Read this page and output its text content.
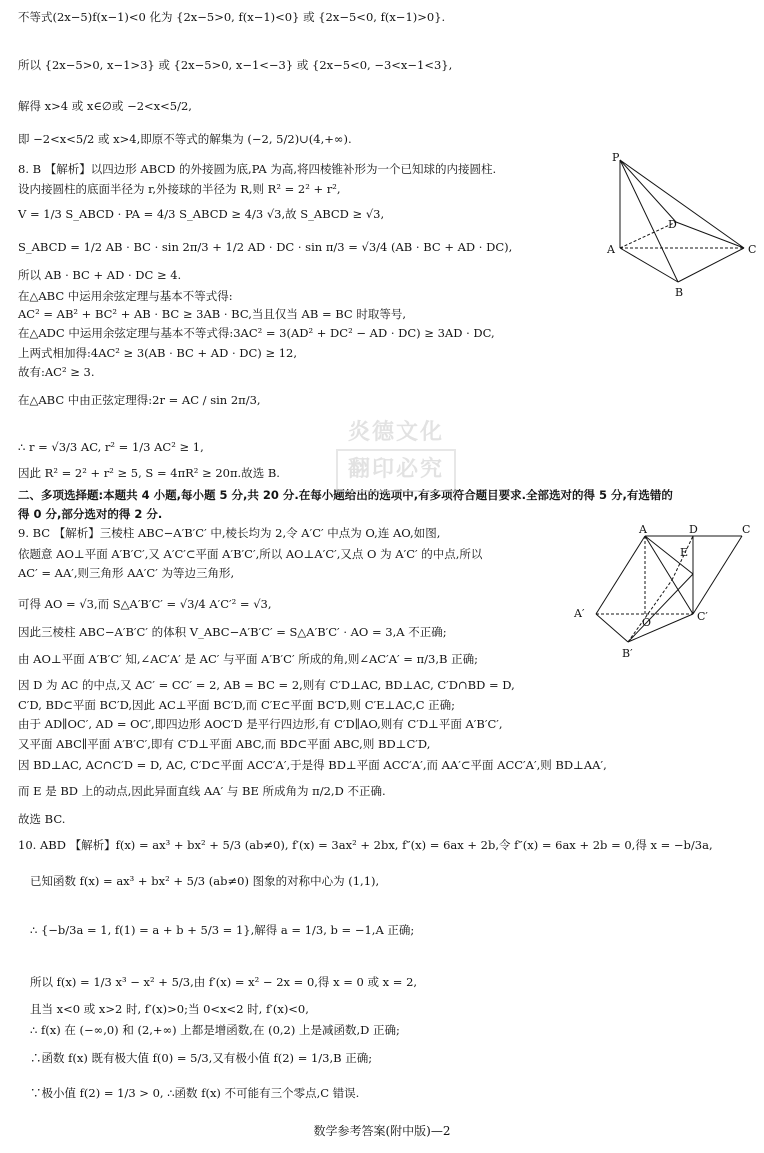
不等式(2x−5)f(x−1)<0 化为 {2x−5>0, f(x−1)<0} 或 {2x−5<0, f(x−1)>0}.
所以 {2x−5>0, x−1>3} 或 {2x−5>0, x−1<−3} 或 {2x−5<0, −3<x−1<3},
解得 x>4 或 x∈∅或 −2<x<5/2,
即 −2<x<5/2 或 x>4,即原不等式的解集为 (−2, 5/2)∪(4,+∞).
8. B 【解析】以四边形 ABCD 的外接圆为底,PA 为高,将四棱锥补形为一个已知球的内接圆柱.
设内接圆柱的底面半径为 r,外接球的半径为 R,则 R² = 2² + r²,
V = 1/3 S_ABCD · PA = 4/3 S_ABCD ≥ 4/3 √3,故 S_ABCD ≥ √3,
S_ABCD = 1/2 AB · BC · sin 2π/3 + 1/2 AD · DC · sin π/3 = √3/4 (AB · BC + AD · DC),
所以 AB · BC + AD · DC ≥ 4.
在△ABC 中运用余弦定理与基本不等式得:
AC² = AB² + BC² + AB · BC ≥ 3AB · BC,当且仅当 AB = BC 时取等号,
在△ADC 中运用余弦定理与基本不等式得:3AC² = 3(AD² + DC² − AD · DC) ≥ 3AD · DC,
上两式相加得:4AC² ≥ 3(AB · BC + AD · DC) ≥ 12,
故有:AC² ≥ 3.
在△ABC 中由正弦定理得:2r = AC / sin 2π/3,
∴ r = √3/3 AC, r² = 1/3 AC² ≥ 1,
因此 R² = 2² + r² ≥ 5, S = 4πR² ≥ 20π.故选 B.
二、多项选择题:本题共 4 小题,每小题 5 分,共 20 分.在每小题给出的选项中,有多项符合题目要求.全部选对的得 5 分,有选错的
得 0 分,部分选对的得 2 分.
9. BC 【解析】三棱柱 ABC−A′B′C′ 中,棱长均为 2,令 A′C′ 中点为 O,连 AO,如图,
依题意 AO⊥平面 A′B′C′,又 A′C′⊂平面 A′B′C′,所以 AO⊥A′C′,又点 O 为 A′C′ 的中点,所以
AC′ = AA′,则三角形 AA′C′ 为等边三角形,
可得 AO = √3,而 S△A′B′C′ = √3/4 A′C′² = √3,
因此三棱柱 ABC−A′B′C′ 的体积 V_ABC−A′B′C′ = S△A′B′C′ · AO = 3,A 不正确;
由 AO⊥平面 A′B′C′ 知,∠AC′A′ 是 AC′ 与平面 A′B′C′ 所成的角,则∠AC′A′ = π/3,B 正确;
因 D 为 AC 的中点,又 AC′ = CC′ = 2, AB = BC = 2,则有 C′D⊥AC, BD⊥AC, C′D∩BD = D,
C′D, BD⊂平面 BC′D,因此 AC⊥平面 BC′D,而 C′E⊂平面 BC′D,则 C′E⊥AC,C 正确;
由于 AD∥OC′, AD = OC′,即四边形 AOC′D 是平行四边形,有 C′D∥AO,则有 C′D⊥平面 A′B′C′,
又平面 ABC∥平面 A′B′C′,即有 C′D⊥平面 ABC,而 BD⊂平面 ABC,则 BD⊥C′D,
因 BD⊥AC, AC∩C′D = D, AC, C′D⊂平面 ACC′A′,于是得 BD⊥平面 ACC′A′,而 AA′⊂平面 ACC′A′,则 BD⊥AA′,
而 E 是 BD 上的动点,因此异面直线 AA′ 与 BE 所成角为 π/2,D 不正确.
故选 BC.
10. ABD 【解析】f(x) = ax³ + bx² + 5/3 (ab≠0), f′(x) = 3ax² + 2bx, f″(x) = 6ax + 2b,令 f″(x) = 6ax + 2b = 0,得 x = −b/3a,
已知函数 f(x) = ax³ + bx² + 5/3 (ab≠0) 图象的对称中心为 (1,1),
∴ {−b/3a = 1, f(1) = a + b + 5/3 = 1},解得 a = 1/3, b = −1,A 正确;
所以 f(x) = 1/3 x³ − x² + 5/3,由 f′(x) = x² − 2x = 0,得 x = 0 或 x = 2,
且当 x<0 或 x>2 时, f′(x)>0;当 0<x<2 时, f′(x)<0,
∴ f(x) 在 (−∞,0) 和 (2,+∞) 上都是增函数,在 (0,2) 上是减函数,D 正确;
∴函数 f(x) 既有极大值 f(0) = 5/3,又有极小值 f(2) = 1/3,B 正确;
∵极小值 f(2) = 1/3 > 0, ∴函数 f(x) 不可能有三个零点,C 错误.
炎德文化
翻印必究
P
D
A	C
B
A	D	C
E
O
A′	C′
B′
数学参考答案(附中版)—2
